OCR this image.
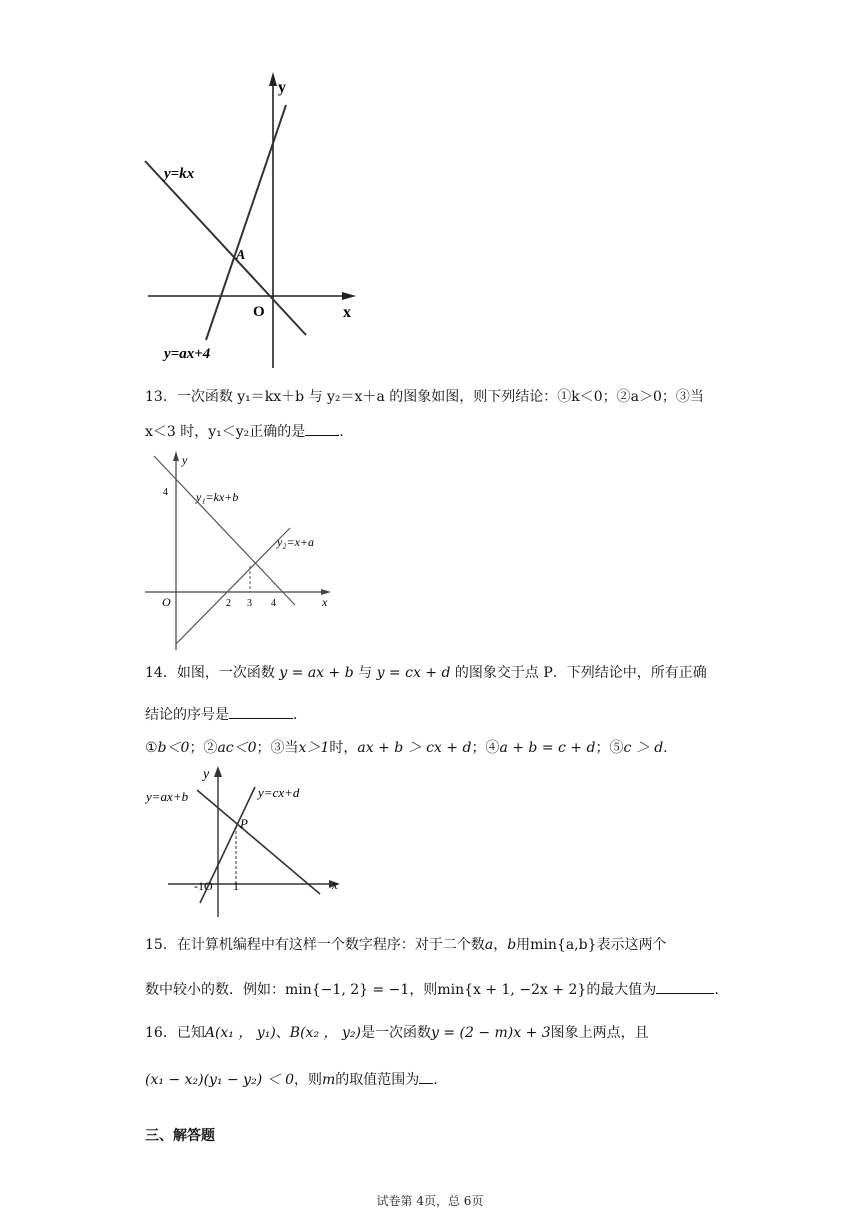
y
x
O
A
y=kx
y=ax+4
13．一次函数 y₁＝kx＋b 与 y₂＝x＋a 的图象如图，则下列结论：①k＜0；②a＞0；③当
x＜3 时，y₁＜y₂正确的是 .
y
x
O
4
2 3 4
y₁=kx+b
y₂=x+a
14．如图，一次函数 y = ax + b 与 y = cx + d 的图象交于点 P．下列结论中，所有正确
结论的序号是	.
①b＜0；②ac＜0；③当x＞1时，ax + b ＞ cx + d；④a + b = c + d；⑤c ＞ d.
y
x
-1O 1
P
y=ax+b	y=cx+d
15．在计算机编程中有这样一个数字程序：对于二个数a，b用min{a,b}表示这两个
数中较小的数．例如：min{−1, 2} = −1，则min{x + 1, −2x + 2}的最大值为	.
16．已知A(x₁ ， y₁)、B(x₂ ， y₂)是一次函数y = (2 − m)x + 3图象上两点，且
(x₁ − x₂)(y₁ − y₂) ＜ 0，则m的取值范围为 .
三、解答题
试卷第 4页，总 6页
